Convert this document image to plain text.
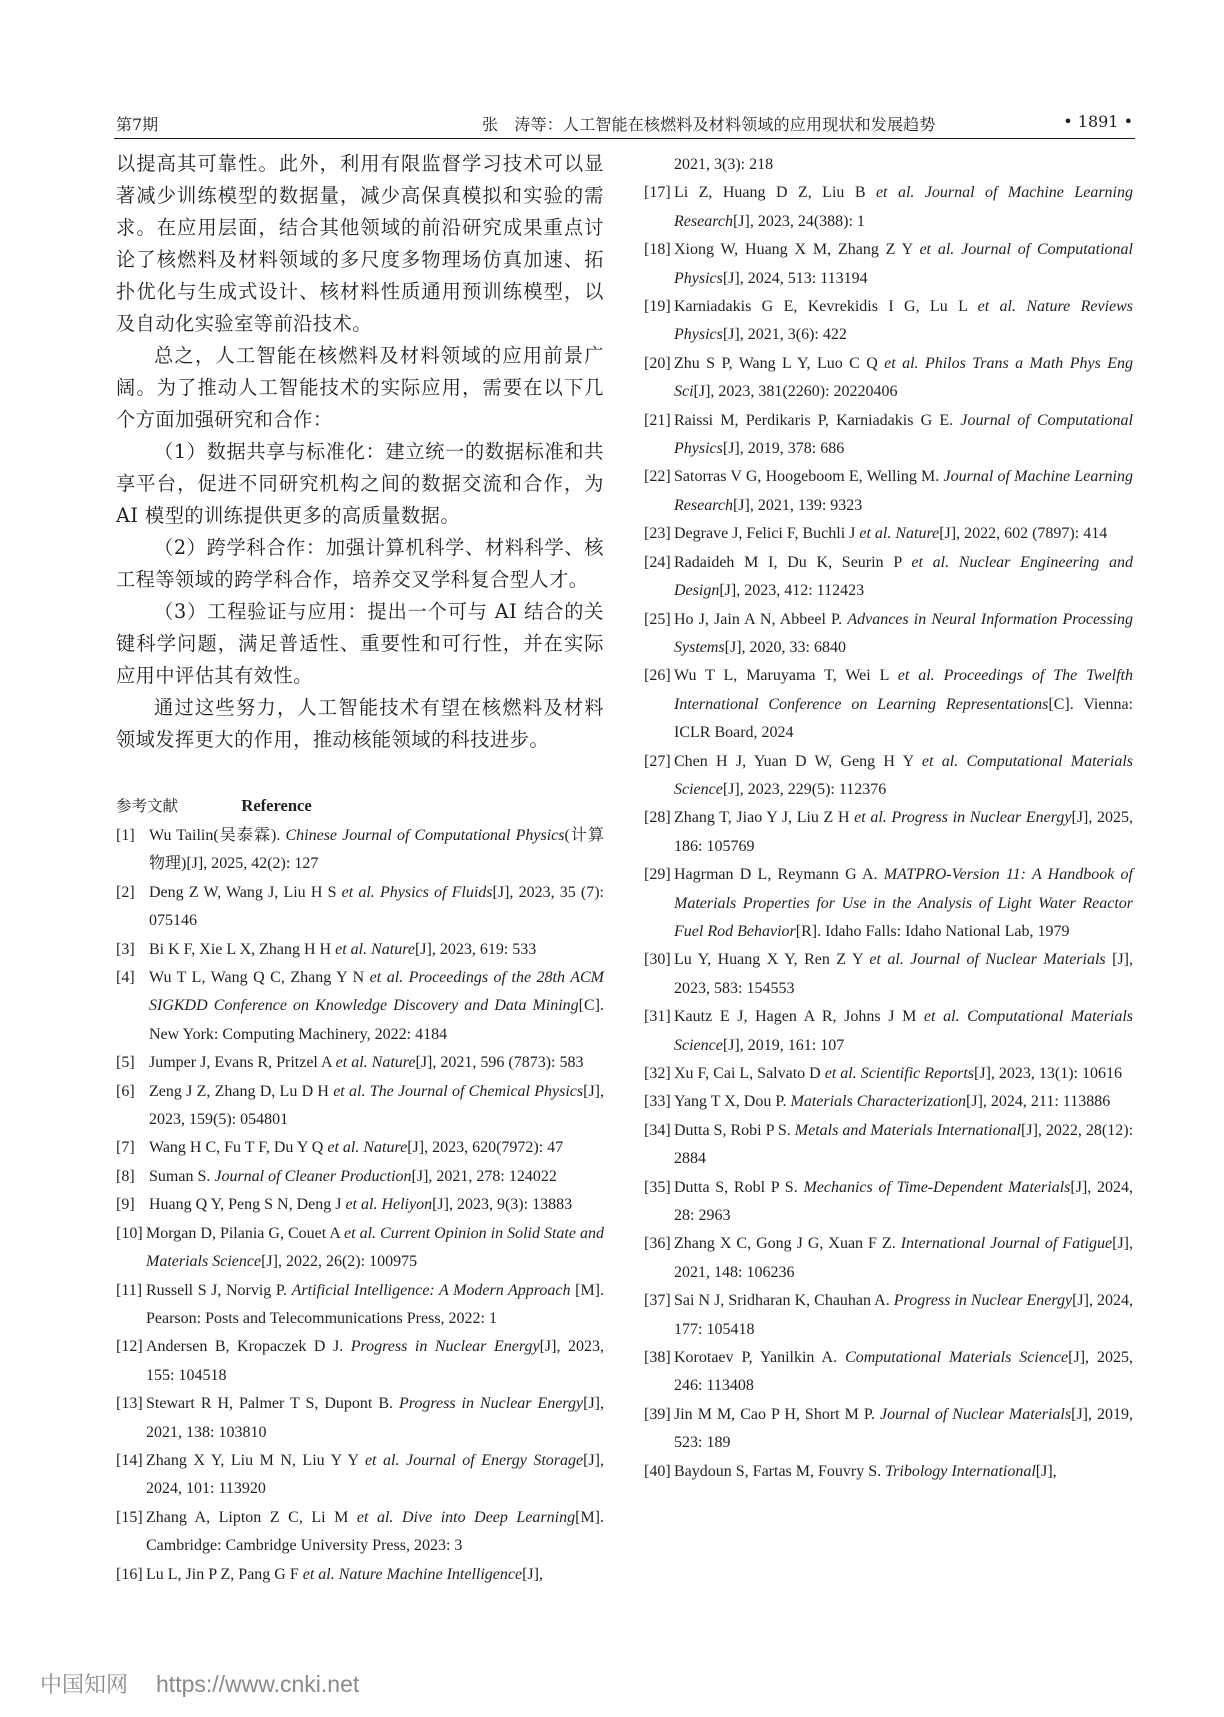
第7期	张　涛等：人工智能在核燃料及材料领域的应用现状和发展趋势	• 1891 •

以提高其可靠性。此外，利用有限监督学习技术可以显著减少训练模型的数据量，减少高保真模拟和实验的需求。在应用层面，结合其他领域的前沿研究成果重点讨论了核燃料及材料领域的多尺度多物理场仿真加速、拓扑优化与生成式设计、核材料性质通用预训练模型，以及自动化实验室等前沿技术。

总之，人工智能在核燃料及材料领域的应用前景广阔。为了推动人工智能技术的实际应用，需要在以下几个方面加强研究和合作：

（1）数据共享与标准化：建立统一的数据标准和共享平台，促进不同研究机构之间的数据交流和合作，为 AI 模型的训练提供更多的高质量数据。

（2）跨学科合作：加强计算机科学、材料科学、核工程等领域的跨学科合作，培养交叉学科复合型人才。

（3）工程验证与应用：提出一个可与 AI 结合的关键科学问题，满足普适性、重要性和可行性，并在实际应用中评估其有效性。

通过这些努力，人工智能技术有望在核燃料及材料领域发挥更大的作用，推动核能领域的科技进步。

参考文献	Reference

[1] Wu Tailin(吴泰霖). Chinese Journal of Computational Physics(计算物理)[J], 2025, 42(2): 127

[2] Deng Z W, Wang J, Liu H S et al. Physics of Fluids[J], 2023, 35 (7): 075146

[3] Bi K F, Xie L X, Zhang H H et al. Nature[J], 2023, 619: 533

[4] Wu T L, Wang Q C, Zhang Y N et al. Proceedings of the 28th ACM SIGKDD Conference on Knowledge Discovery and Data Mining[C]. New York: Computing Machinery, 2022: 4184

[5] Jumper J, Evans R, Pritzel A et al. Nature[J], 2021, 596 (7873): 583

[6] Zeng J Z, Zhang D, Lu D H et al. The Journal of Chemical Physics[J], 2023, 159(5): 054801

[7] Wang H C, Fu T F, Du Y Q et al. Nature[J], 2023, 620(7972): 47

[8] Suman S. Journal of Cleaner Production[J], 2021, 278: 124022

[9] Huang Q Y, Peng S N, Deng J et al. Heliyon[J], 2023, 9(3): 13883

[10] Morgan D, Pilania G, Couet A et al. Current Opinion in Solid State and Materials Science[J], 2022, 26(2): 100975

[11] Russell S J, Norvig P. Artificial Intelligence: A Modern Approach [M]. Pearson: Posts and Telecommunications Press, 2022: 1

[12] Andersen B, Kropaczek D J. Progress in Nuclear Energy[J], 2023, 155: 104518

[13] Stewart R H, Palmer T S, Dupont B. Progress in Nuclear Energy[J], 2021, 138: 103810

[14] Zhang X Y, Liu M N, Liu Y Y et al. Journal of Energy Storage[J], 2024, 101: 113920

[15] Zhang A, Lipton Z C, Li M et al. Dive into Deep Learning[M]. Cambridge: Cambridge University Press, 2023: 3

[16] Lu L, Jin P Z, Pang G F et al. Nature Machine Intelligence[J],

2021, 3(3): 218

[17] Li Z, Huang D Z, Liu B et al. Journal of Machine Learning Research[J], 2023, 24(388): 1

[18] Xiong W, Huang X M, Zhang Z Y et al. Journal of Computational Physics[J], 2024, 513: 113194

[19] Karniadakis G E, Kevrekidis I G, Lu L et al. Nature Reviews Physics[J], 2021, 3(6): 422

[20] Zhu S P, Wang L Y, Luo C Q et al. Philos Trans a Math Phys Eng Sci[J], 2023, 381(2260): 20220406

[21] Raissi M, Perdikaris P, Karniadakis G E. Journal of Computational Physics[J], 2019, 378: 686

[22] Satorras V G, Hoogeboom E, Welling M. Journal of Machine Learning Research[J], 2021, 139: 9323

[23] Degrave J, Felici F, Buchli J et al. Nature[J], 2022, 602 (7897): 414

[24] Radaideh M I, Du K, Seurin P et al. Nuclear Engineering and Design[J], 2023, 412: 112423

[25] Ho J, Jain A N, Abbeel P. Advances in Neural Information Processing Systems[J], 2020, 33: 6840

[26] Wu T L, Maruyama T, Wei L et al. Proceedings of The Twelfth International Conference on Learning Representations[C]. Vienna: ICLR Board, 2024

[27] Chen H J, Yuan D W, Geng H Y et al. Computational Materials Science[J], 2023, 229(5): 112376

[28] Zhang T, Jiao Y J, Liu Z H et al. Progress in Nuclear Energy[J], 2025, 186: 105769

[29] Hagrman D L, Reymann G A. MATPRO-Version 11: A Handbook of Materials Properties for Use in the Analysis of Light Water Reactor Fuel Rod Behavior[R]. Idaho Falls: Idaho National Lab, 1979

[30] Lu Y, Huang X Y, Ren Z Y et al. Journal of Nuclear Materials [J], 2023, 583: 154553

[31] Kautz E J, Hagen A R, Johns J M et al. Computational Materials Science[J], 2019, 161: 107

[32] Xu F, Cai L, Salvato D et al. Scientific Reports[J], 2023, 13(1): 10616

[33] Yang T X, Dou P. Materials Characterization[J], 2024, 211: 113886

[34] Dutta S, Robi P S. Metals and Materials International[J], 2022, 28(12): 2884

[35] Dutta S, Robl P S. Mechanics of Time-Dependent Materials[J], 2024, 28: 2963

[36] Zhang X C, Gong J G, Xuan F Z. International Journal of Fatigue[J], 2021, 148: 106236

[37] Sai N J, Sridharan K, Chauhan A. Progress in Nuclear Energy[J], 2024, 177: 105418

[38] Korotaev P, Yanilkin A. Computational Materials Science[J], 2025, 246: 113408

[39] Jin M M, Cao P H, Short M P. Journal of Nuclear Materials[J], 2019, 523: 189

[40] Baydoun S, Fartas M, Fouvry S. Tribology International[J],

中国知网 https://www.cnki.net
